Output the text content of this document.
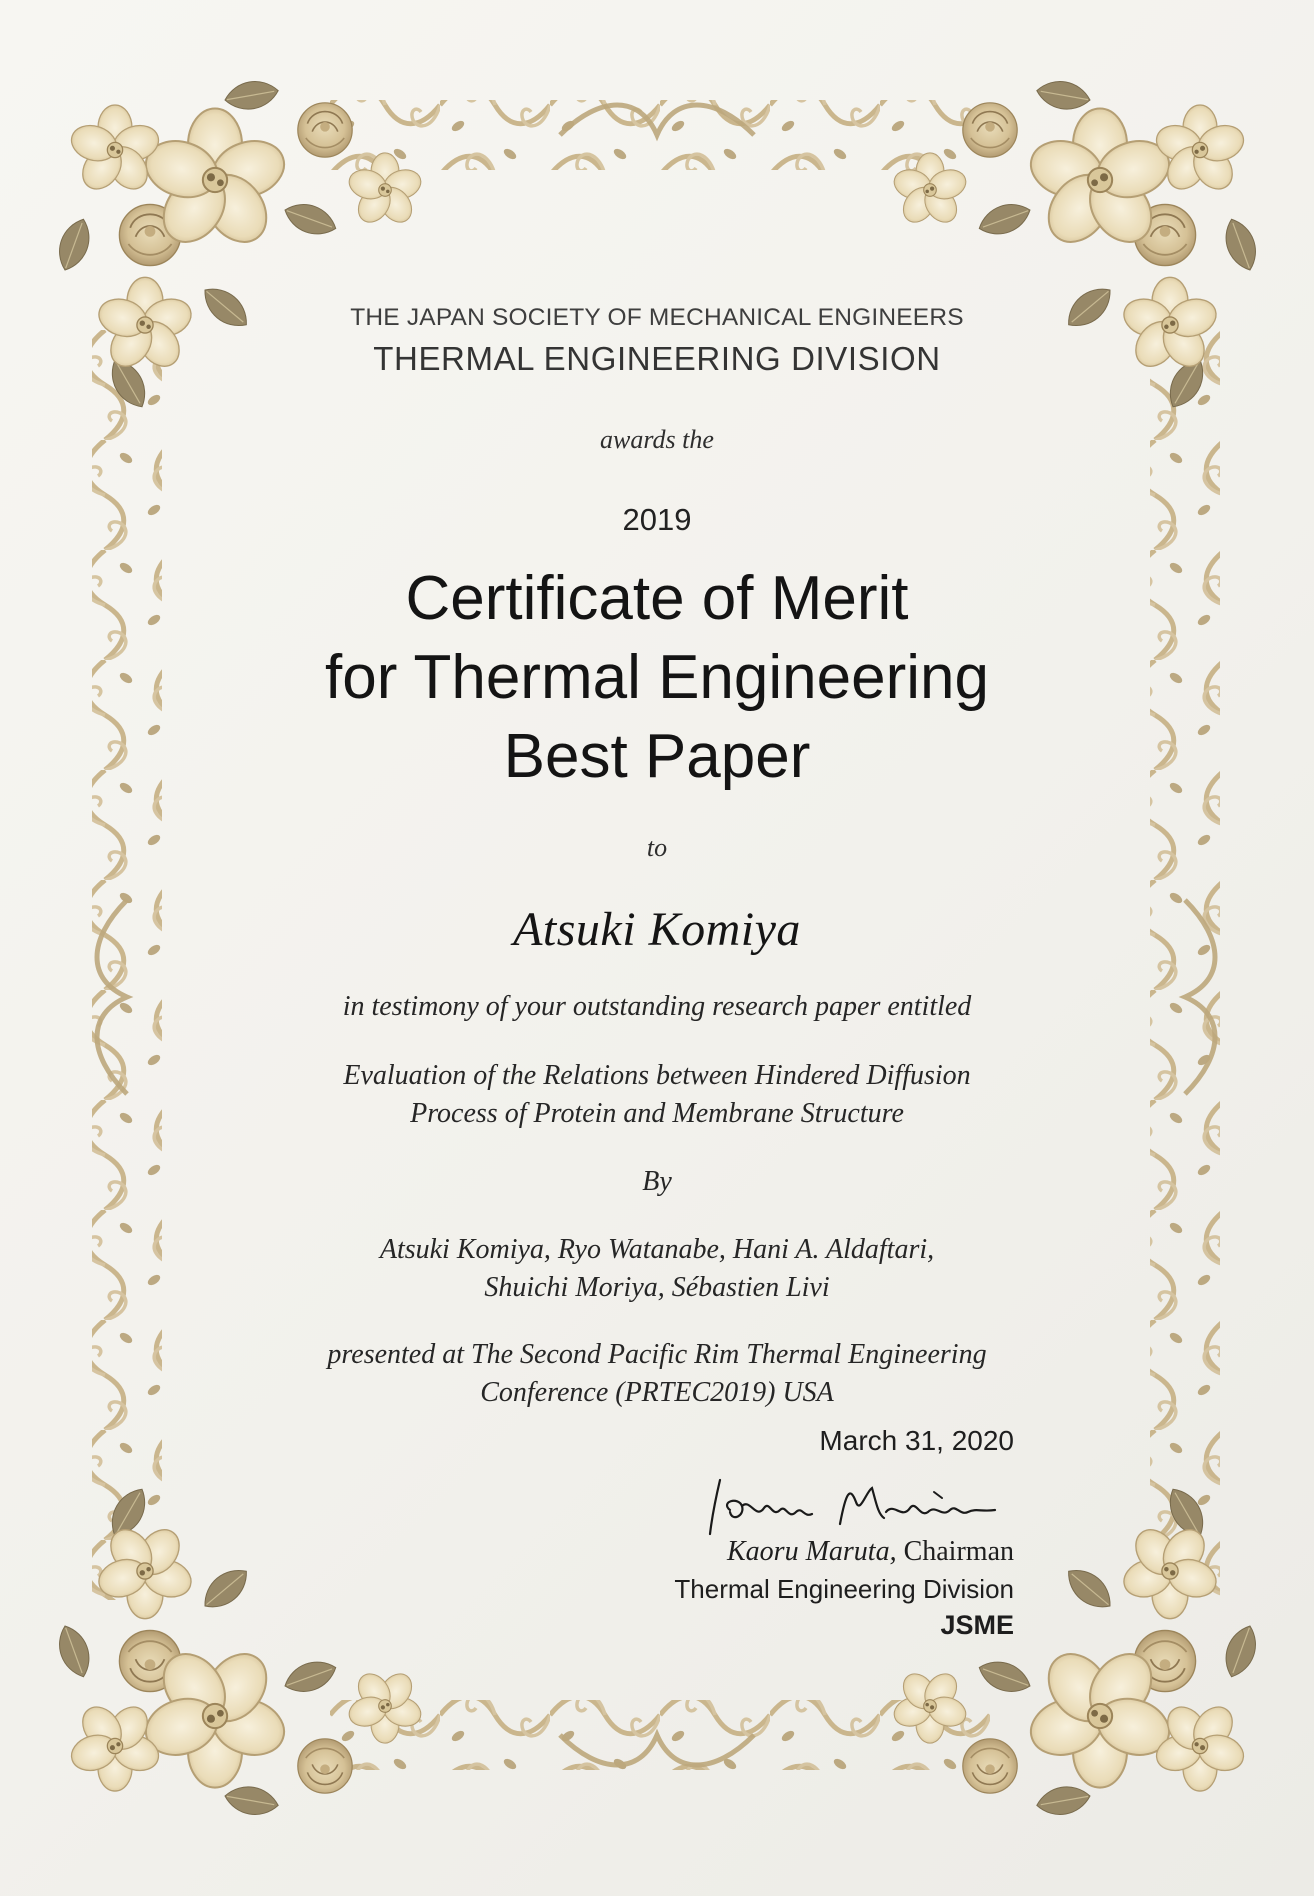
THE JAPAN SOCIETY OF MECHANICAL ENGINEERS

THERMAL ENGINEERING DIVISION

awards the

2019

Certificate of Merit

for Thermal Engineering

Best Paper

to

Atsuki Komiya

in testimony of your outstanding research paper entitled

Evaluation of the Relations between Hindered Diffusion

Process of Protein and Membrane Structure

By

Atsuki Komiya, Ryo Watanabe, Hani A. Aldaftari,

Shuichi Moriya, Sébastien Livi

presented at The Second Pacific Rim Thermal Engineering

Conference (PRTEC2019) USA

March 31, 2020

Kaoru Maruta, Chairman

Thermal Engineering Division

JSME
